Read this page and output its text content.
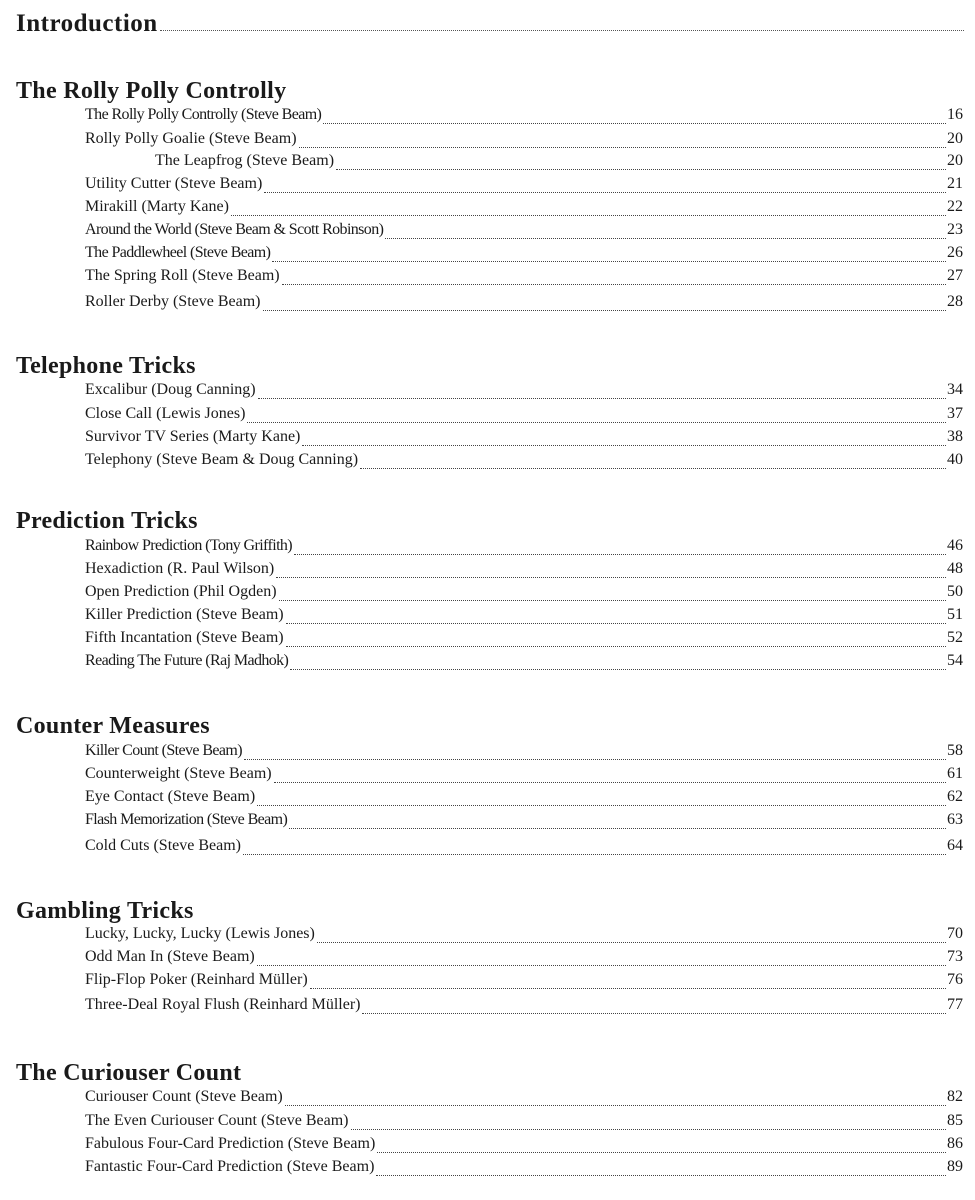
Introduction
The Rolly Polly Controlly
The Rolly Polly Controlly (Steve Beam)	16
Rolly Polly Goalie (Steve Beam)	20
The Leapfrog (Steve Beam)	20
Utility Cutter (Steve Beam)	21
Mirakill (Marty Kane)	22
Around the World (Steve Beam & Scott Robinson)	23
The Paddlewheel (Steve Beam)	26
The Spring Roll (Steve Beam)	27
Roller Derby (Steve Beam)	28
Telephone Tricks
Excalibur (Doug Canning)	34
Close Call (Lewis Jones)	37
Survivor TV Series (Marty Kane)	38
Telephony (Steve Beam & Doug Canning)	40
Prediction Tricks
Rainbow Prediction (Tony Griffith)	46
Hexadiction (R. Paul Wilson)	48
Open Prediction (Phil Ogden)	50
Killer Prediction (Steve Beam)	51
Fifth Incantation (Steve Beam)	52
Reading The Future (Raj Madhok)	54
Counter Measures
Killer Count (Steve Beam)	58
Counterweight (Steve Beam)	61
Eye Contact (Steve Beam)	62
Flash Memorization (Steve Beam)	63
Cold Cuts (Steve Beam)	64
Gambling Tricks
Lucky, Lucky, Lucky (Lewis Jones)	70
Odd Man In (Steve Beam)	73
Flip-Flop Poker (Reinhard Müller)	76
Three-Deal Royal Flush (Reinhard Müller)	77
The Curiouser Count
Curiouser Count (Steve Beam)	82
The Even Curiouser Count (Steve Beam)	85
Fabulous Four-Card Prediction (Steve Beam)	86
Fantastic Four-Card Prediction (Steve Beam)	89
